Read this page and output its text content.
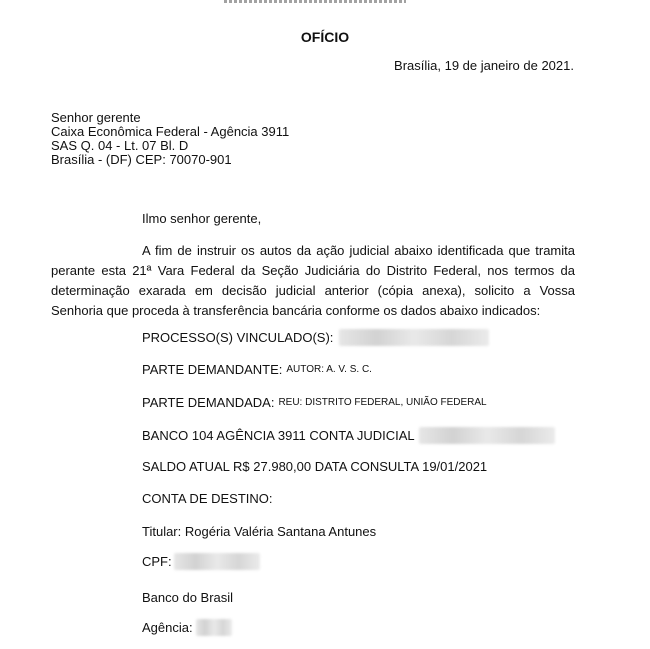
OFÍCIO
Brasília, 19 de janeiro de 2021.
Senhor gerente
Caixa Econômica Federal - Agência 3911
SAS Q. 04 - Lt. 07 Bl. D
Brasília - (DF) CEP: 70070-901
Ilmo senhor gerente,

A fim de instruir os autos da ação judicial abaixo identificada que tramita perante esta 21ª Vara Federal da Seção Judiciária do Distrito Federal, nos termos da determinação exarada em decisão judicial anterior (cópia anexa), solicito a Vossa Senhoria que proceda à transferência bancária conforme os dados abaixo indicados:

PROCESSO(S) VINCULADO(S):
PARTE DEMANDANTE: AUTOR: A. V. S. C.
PARTE DEMANDADA: REU: DISTRITO FEDERAL, UNIÃO FEDERAL
BANCO 104 AGÊNCIA 3911 CONTA JUDICIAL
SALDO ATUAL R$ 27.980,00 DATA CONSULTA 19/01/2021
CONTA DE DESTINO:
Titular: Rogéria Valéria Santana Antunes
CPF:
Banco do Brasil
Agência:
